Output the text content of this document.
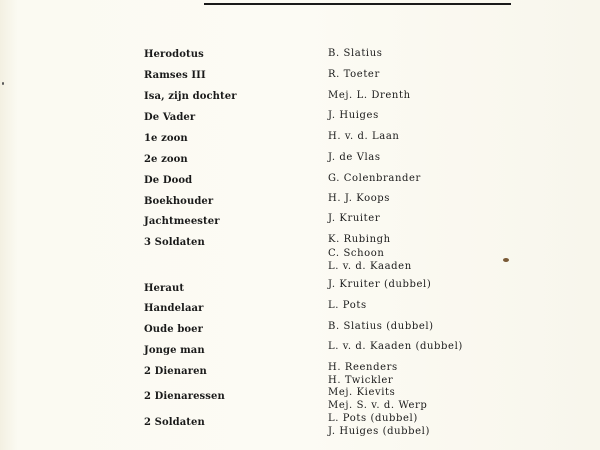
Herodotus	B. Slatius
Ramses III	R. Toeter
Isa, zijn dochter	Mej. L. Drenth
De Vader	J. Huiges
1e zoon	H. v. d. Laan
2e zoon	J. de Vlas
De Dood	G. Colenbrander
Boekhouder	H. J. Koops
Jachtmeester	J. Kruiter
3 Soldaten	K. Rubingh
C. Schoon
L. v. d. Kaaden
Heraut	J. Kruiter (dubbel)
Handelaar	L. Pots
Oude boer	B. Slatius (dubbel)
Jonge man	L. v. d. Kaaden (dubbel)
2 Dienaren	H. Reenders
H. Twickler
2 Dienaressen	Mej. Kievits
Mej. S. v. d. Werp
2 Soldaten	L. Pots (dubbel)
J. Huiges (dubbel)
